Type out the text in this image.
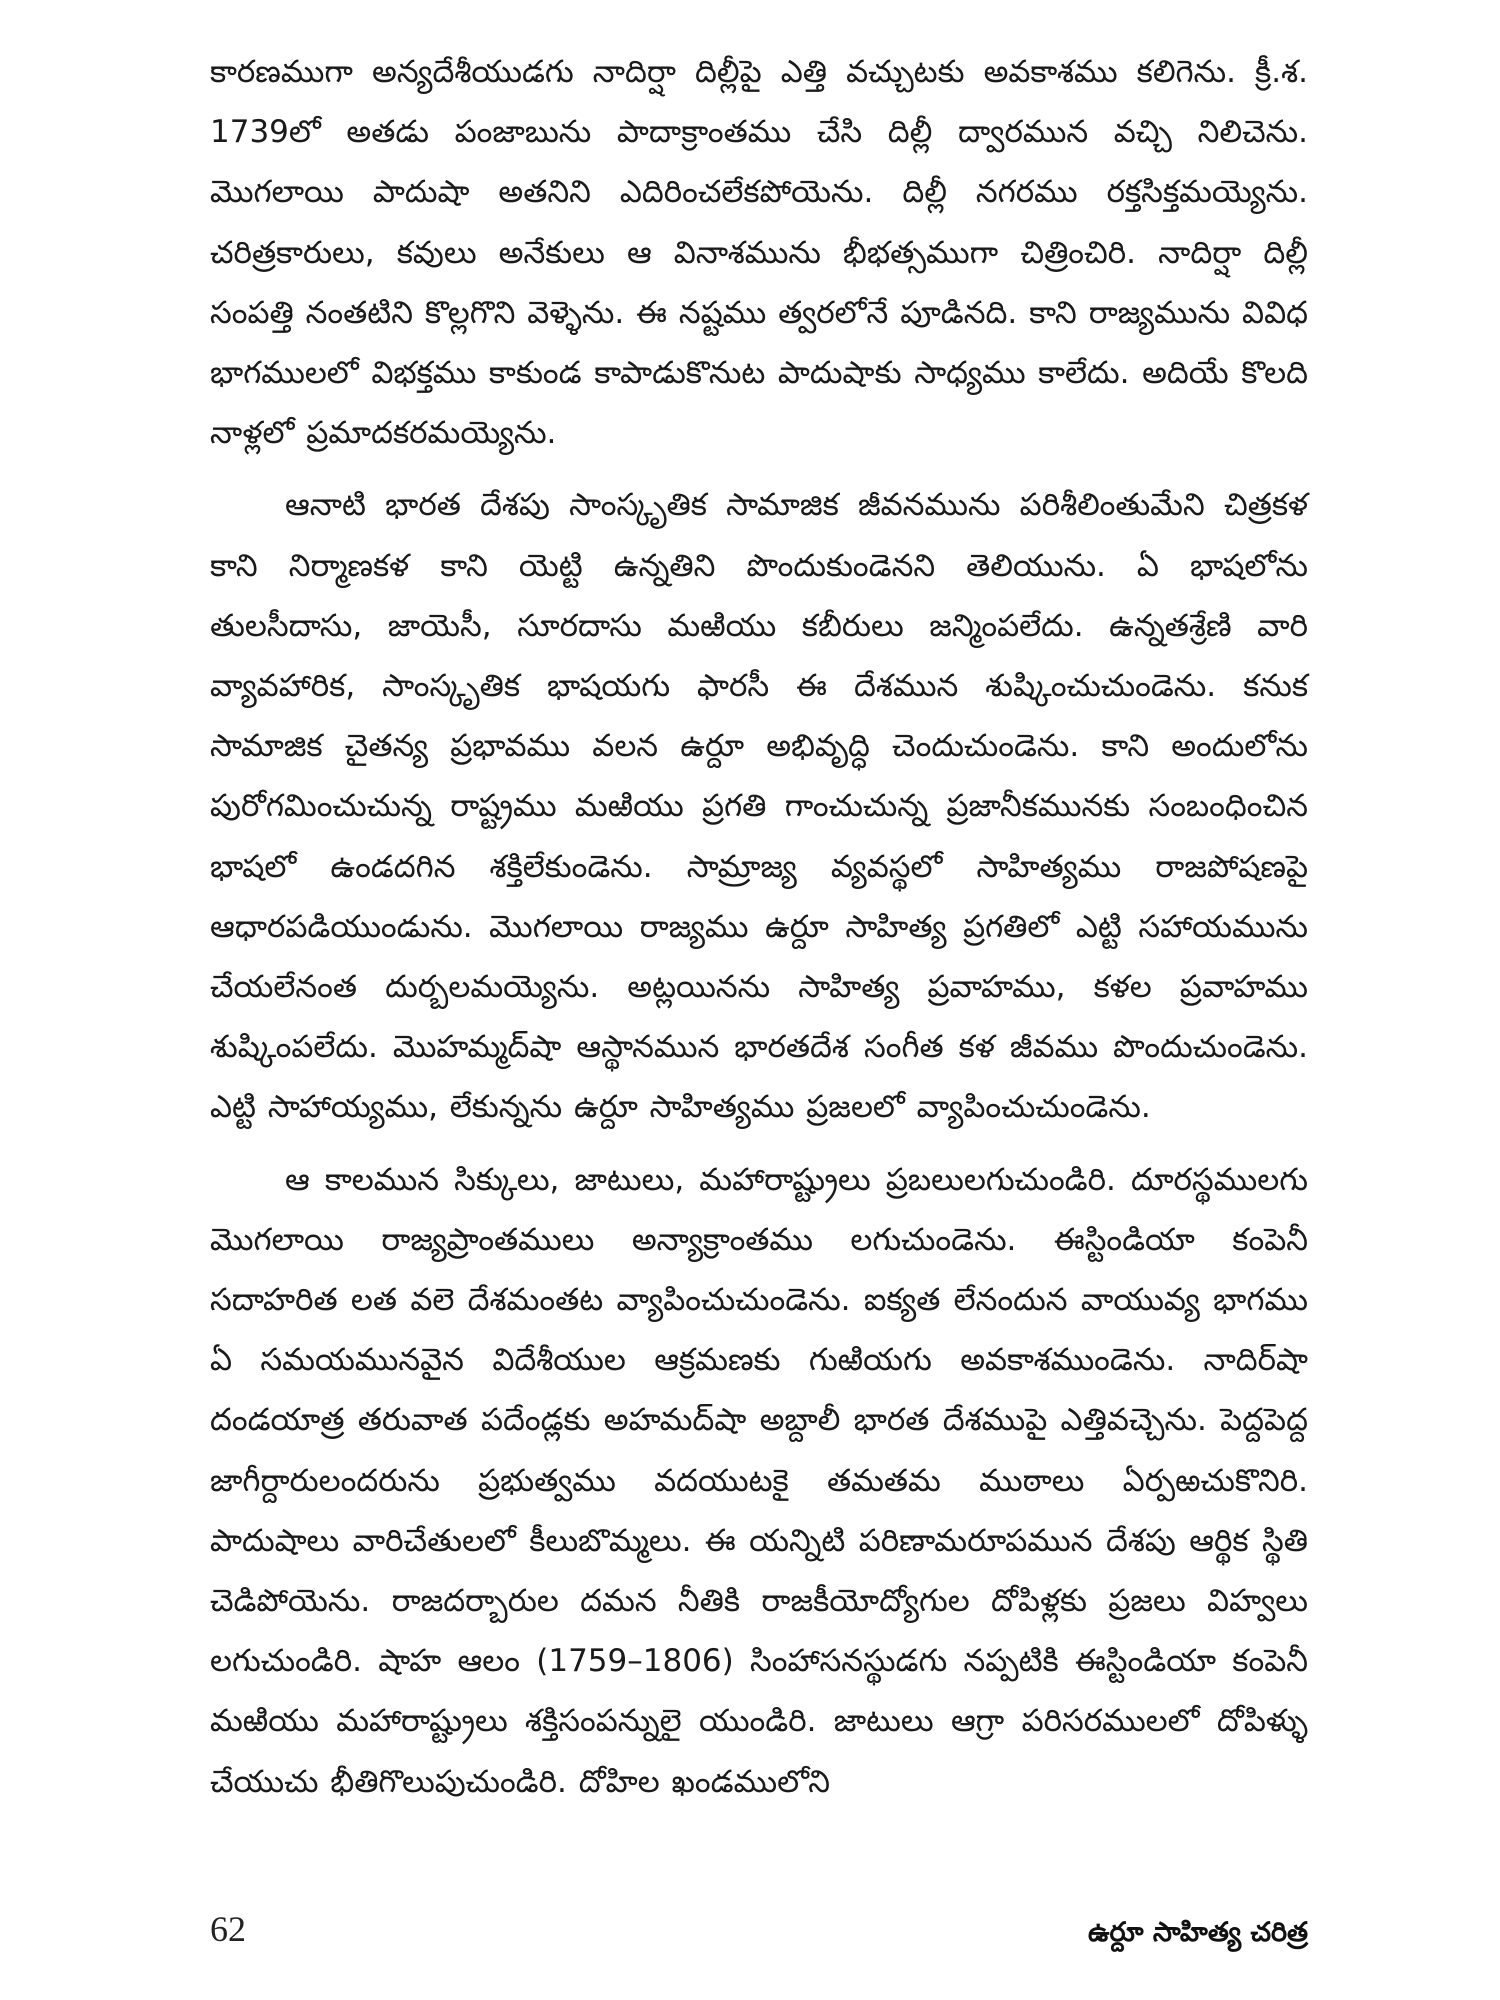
కారణముగా అన్యదేశీయుడగు నాదిర్షా దిల్లీపై ఎత్తి వచ్చుటకు అవకాశము కలిగెను. క్రీ.శ. 1739లో అతడు పంజాబును పాదాక్రాంతము చేసి దిల్లీ ద్వారమున వచ్చి నిలిచెను. మొగలాయి పాదుషా అతనిని ఎదిరించలేకపోయెను. దిల్లీ నగరము రక్తసిక్తమయ్యెను. చరిత్రకారులు, కవులు అనేకులు ఆ వినాశమును భీభత్సముగా చిత్రించిరి. నాదిర్షా దిల్లీ సంపత్తి నంతటిని కొల్లగొని వెళ్ళెను. ఈ నష్టము త్వరలోనే పూడినది. కాని రాజ్యమును వివిధ భాగములలో విభక్తము కాకుండ కాపాడుకొనుట పాదుషాకు సాధ్యము కాలేదు. అదియే కొలది నాళ్లలో ప్రమాదకరమయ్యెను.

ఆనాటి భారత దేశపు సాంస్కృతిక సామాజిక జీవనమును పరిశీలింతుమేని చిత్రకళ కాని నిర్మాణకళ కాని యెట్టి ఉన్నతిని పొందుకుండెనని తెలియును. ఏ భాషలోను తులసీదాసు, జాయెసీ, సూరదాసు మఱియు కబీరులు జన్మింపలేదు. ఉన్నతశ్రేణి వారి వ్యావహారిక, సాంస్కృతిక భాషయగు ఫారసీ ఈ దేశమున శుష్కించుచుండెను. కనుక సామాజిక చైతన్య ప్రభావము వలన ఉర్దూ అభివృద్ధి చెందుచుండెను. కాని అందులోను పురోగమించుచున్న రాష్ట్రము మఱియు ప్రగతి గాంచుచున్న ప్రజానీకమునకు సంబంధించిన భాషలో ఉండదగిన శక్తిలేకుండెను. సామ్రాజ్య వ్యవస్థలో సాహిత్యము రాజపోషణపై ఆధారపడియుండును. మొగలాయి రాజ్యము ఉర్దూ సాహిత్య ప్రగతిలో ఎట్టి సహాయమును చేయలేనంత దుర్బలమయ్యెను. అట్లయినను సాహిత్య ప్రవాహము, కళల ప్రవాహము శుష్కింపలేదు. మొహమ్మద్‌షా ఆస్థానమున భారతదేశ సంగీత కళ జీవము పొందుచుండెను. ఎట్టి సాహాయ్యము, లేకున్నను ఉర్దూ సాహిత్యము ప్రజలలో వ్యాపించుచుండెను.

ఆ కాలమున సిక్కులు, జాటులు, మహారాష్ట్రులు ప్రబలులగుచుండిరి. దూరస్థములగు మొగలాయి రాజ్యప్రాంతములు అన్యాక్రాంతము లగుచుండెను. ఈస్టిండియా కంపెనీ సదాహరిత లత వలె దేశమంతట వ్యాపించుచుండెను. ఐక్యత లేనందున వాయువ్య భాగము ఏ సమయమునవైన విదేశీయుల ఆక్రమణకు గుఱియగు అవకాశముండెను. నాదిర్‌షా దండయాత్ర తరువాత పదేండ్లకు అహమద్‌షా అబ్దాలీ భారత దేశముపై ఎత్తివచ్చెను. పెద్దపెద్ద జాగీర్దారులందరును ప్రభుత్వము వదయుటకై తమతమ ముఠాలు ఏర్పఱచుకొనిరి. పాదుషాలు వారిచేతులలో కీలుబొమ్మలు. ఈ యన్నిటి పరిణామరూపమున దేశపు ఆర్థిక స్థితి చెడిపోయెను. రాజదర్బారుల దమన నీతికి రాజకీయోద్యోగుల దోపిళ్లకు ప్రజలు విహ్వలు లగుచుండిరి. షాహ ఆలం (1759–1806) సింహాసనస్థుడగు నప్పటికి ఈస్టిండియా కంపెనీ మఱియు మహారాష్ట్రులు శక్తిసంపన్నులై యుండిరి. జాటులు ఆగ్రా పరిసరములలో దోపిళ్ళు చేయుచు భీతిగొలుపుచుండిరి. దోహిల ఖండములోని

62	ఉర్దూ సాహిత్య చరిత్ర
